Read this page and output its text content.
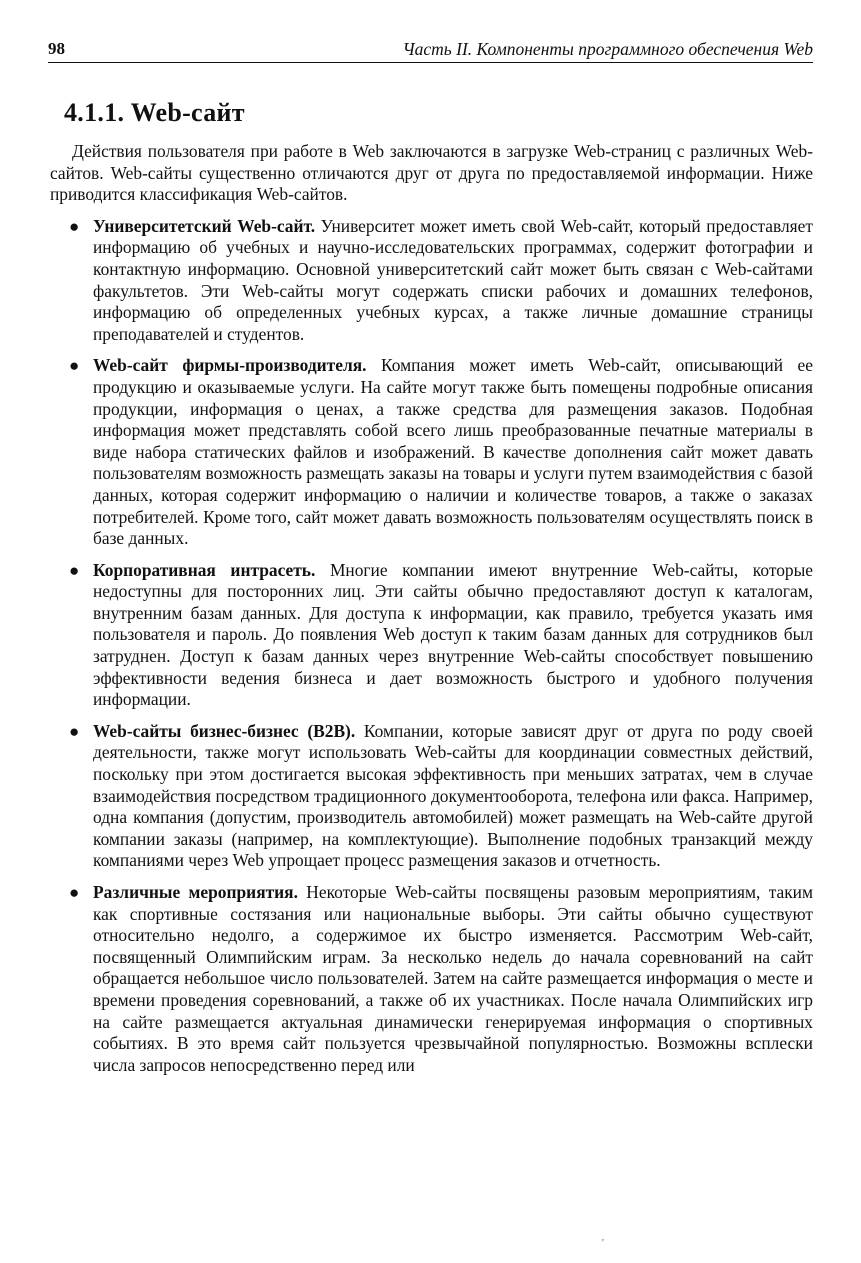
98	Часть II. Компоненты программного обеспечения Web
4.1.1. Web-сайт

Действия пользователя при работе в Web заключаются в загрузке Web-страниц с различных Web-сайтов. Web-сайты существенно отличаются друг от друга по предоставляемой информации. Ниже приводится классификация Web-сайтов.

● Университетский Web-сайт. Университет может иметь свой Web-сайт, который предоставляет информацию об учебных и научно-исследовательских программах, содержит фотографии и контактную информацию. Основной университетский сайт может быть связан с Web-сайтами факультетов. Эти Web-сайты могут содержать списки рабочих и домашних телефонов, информацию об определенных учебных курсах, а также личные домашние страницы преподавателей и студентов.
● Web-сайт фирмы-производителя. Компания может иметь Web-сайт, описывающий ее продукцию и оказываемые услуги. На сайте могут также быть помещены подробные описания продукции, информация о ценах, а также средства для размещения заказов. Подобная информация может представлять собой всего лишь преобразованные печатные материалы в виде набора статических файлов и изображений. В качестве дополнения сайт может давать пользователям возможность размещать заказы на товары и услуги путем взаимодействия с базой данных, которая содержит информацию о наличии и количестве товаров, а также о заказах потребителей. Кроме того, сайт может давать возможность пользователям осуществлять поиск в базе данных.
● Корпоративная интрасеть. Многие компании имеют внутренние Web-сайты, которые недоступны для посторонних лиц. Эти сайты обычно предоставляют доступ к каталогам, внутренним базам данных. Для доступа к информации, как правило, требуется указать имя пользователя и пароль. До появления Web доступ к таким базам данных для сотрудников был затруднен. Доступ к базам данных через внутренние Web-сайты способствует повышению эффективности ведения бизнеса и дает возможность быстрого и удобного получения информации.
● Web-сайты бизнес-бизнес (B2B). Компании, которые зависят друг от друга по роду своей деятельности, также могут использовать Web-сайты для координации совместных действий, поскольку при этом достигается высокая эффективность при меньших затратах, чем в случае взаимодействия посредством традиционного документооборота, телефона или факса. Например, одна компания (допустим, производитель автомобилей) может размещать на Web-сайте другой компании заказы (например, на комплектующие). Выполнение подобных транзакций между компаниями через Web упрощает процесс размещения заказов и отчетность.
● Различные мероприятия. Некоторые Web-сайты посвящены разовым мероприятиям, таким как спортивные состязания или национальные выборы. Эти сайты обычно существуют относительно недолго, а содержимое их быстро изменяется. Рассмотрим Web-сайт, посвященный Олимпийским играм. За несколько недель до начала соревнований на сайт обращается небольшое число пользователей. Затем на сайте размещается информация о месте и времени проведения соревнований, а также об их участниках. После начала Олимпийских игр на сайте размещается актуальная динамически генерируемая информация о спортивных событиях. В это время сайт пользуется чрезвычайной популярностью. Возможны всплески числа запросов непосредственно перед или
'
